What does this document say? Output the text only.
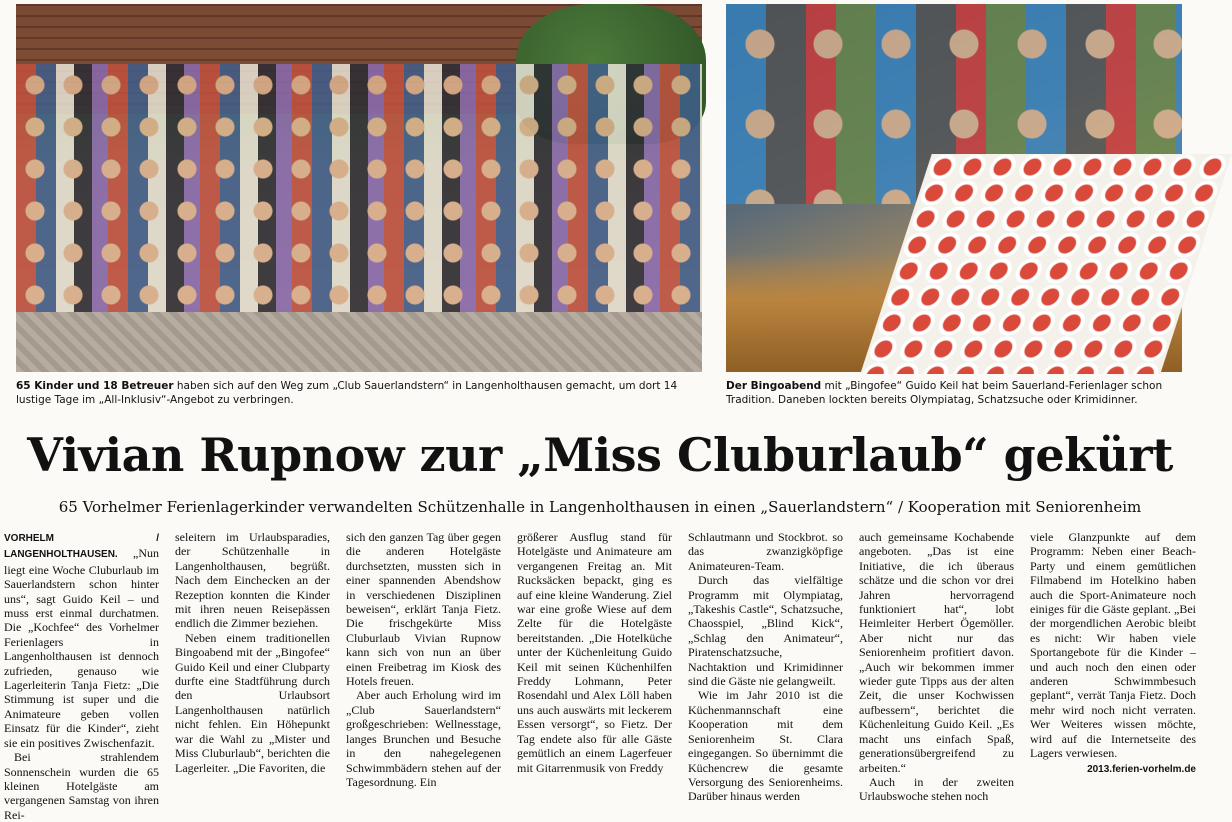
65 Kinder und 18 Betreuer haben sich auf den Weg zum „Club Sauerlandstern“ in Langenholthausen gemacht, um dort 14 lustige Tage im „All-Inklusiv“-Angebot zu verbringen.
Der Bingoabend mit „Bingofee“ Guido Keil hat beim Sauerland-Ferienlager schon Tradition. Daneben lockten bereits Olympiatag, Schatzsuche oder Krimidinner.
Vivian Rupnow zur „Miss Cluburlaub“ gekürt

65 Vorhelmer Ferienlagerkinder verwandelten Schützenhalle in Langenholthausen in einen „Sauerlandstern“ / Kooperation mit Seniorenheim

VORHELM / LANGENHOLTHAUSEN. „Nun liegt eine Woche Cluburlaub im Sauerlandstern schon hinter uns“, sagt Guido Keil – und muss erst einmal durchatmen. Die „Kochfee“ des Vorhelmer Ferienlagers in Langenholthausen ist dennoch zufrieden, genauso wie Lagerleiterin Tanja Fietz: „Die Stimmung ist super und die Animateure geben vollen Einsatz für die Kinder“, zieht sie ein positives Zwischenfazit.

Bei strahlendem Sonnenschein wurden die 65 kleinen Hotelgäste am vergangenen Samstag von ihren Rei-

seleitern im Urlaubsparadies, der Schützenhalle in Langenholthausen, begrüßt. Nach dem Einchecken an der Rezeption konnten die Kinder mit ihren neuen Reisepässen endlich die Zimmer beziehen.

Neben einem traditionellen Bingoabend mit der „Bingofee“ Guido Keil und einer Clubparty durfte eine Stadtführung durch den Urlaubsort Langenholthausen natürlich nicht fehlen. Ein Höhepunkt war die Wahl zu „Mister und Miss Cluburlaub“, berichten die Lagerleiter. „Die Favoriten, die

sich den ganzen Tag über gegen die anderen Hotelgäste durchsetzten, mussten sich in einer spannenden Abendshow in verschiedenen Disziplinen beweisen“, erklärt Tanja Fietz. Die frischgekürte Miss Cluburlaub Vivian Rupnow kann sich von nun an über einen Freibetrag im Kiosk des Hotels freuen.

Aber auch Erholung wird im „Club Sauerlandstern“ großgeschrieben: Wellnesstage, langes Brunchen und Besuche in den nahegelegenen Schwimmbädern stehen auf der Tagesordnung. Ein

größerer Ausflug stand für Hotelgäste und Animateure am vergangenen Freitag an. Mit Rucksäcken bepackt, ging es auf eine kleine Wanderung. Ziel war eine große Wiese auf dem Zelte für die Hotelgäste bereitstanden. „Die Hotelküche unter der Küchenleitung Guido Keil mit seinen Küchenhilfen Freddy Lohmann, Peter Rosendahl und Alex Löll haben uns auch auswärts mit leckerem Essen versorgt“, so Fietz. Der Tag endete also für alle Gäste gemütlich an einem Lagerfeuer mit Gitarrenmusik von Freddy

Schlautmann und Stockbrot. so das zwanzigköpfige Animateuren-Team.

Durch das vielfältige Programm mit Olympiatag, „Takeshis Castle“, Schatzsuche, Chaosspiel, „Blind Kick“, „Schlag den Animateur“, Piratenschatzsuche, Nachtaktion und Krimidinner sind die Gäste nie gelangweilt.

Wie im Jahr 2010 ist die Küchenmannschaft eine Kooperation mit dem Seniorenheim St. Clara eingegangen. So übernimmt die Küchencrew die gesamte Versorgung des Seniorenheims. Darüber hinaus werden

auch gemeinsame Kochabende angeboten. „Das ist eine Initiative, die ich überaus schätze und die schon vor drei Jahren hervorragend funktioniert hat“, lobt Heimleiter Herbert Ögemöller. Aber nicht nur das Seniorenheim profitiert davon. „Auch wir bekommen immer wieder gute Tipps aus der alten Zeit, die unser Kochwissen aufbessern“, berichtet die Küchenleitung Guido Keil. „Es macht uns einfach Spaß, generationsübergreifend zu arbeiten.“

Auch in der zweiten Urlaubswoche stehen noch

viele Glanzpunkte auf dem Programm: Neben einer Beach-Party und einem gemütlichen Filmabend im Hotelkino haben auch die Sport-Animateure noch einiges für die Gäste geplant. „Bei der morgendlichen Aerobic bleibt es nicht: Wir haben viele Sportangebote für die Kinder – und auch noch den einen oder anderen Schwimmbesuch geplant“, verrät Tanja Fietz. Doch mehr wird noch nicht verraten. Wer Weiteres wissen möchte, wird auf die Internetseite des Lagers verwiesen.

2013.ferien-vorhelm.de
